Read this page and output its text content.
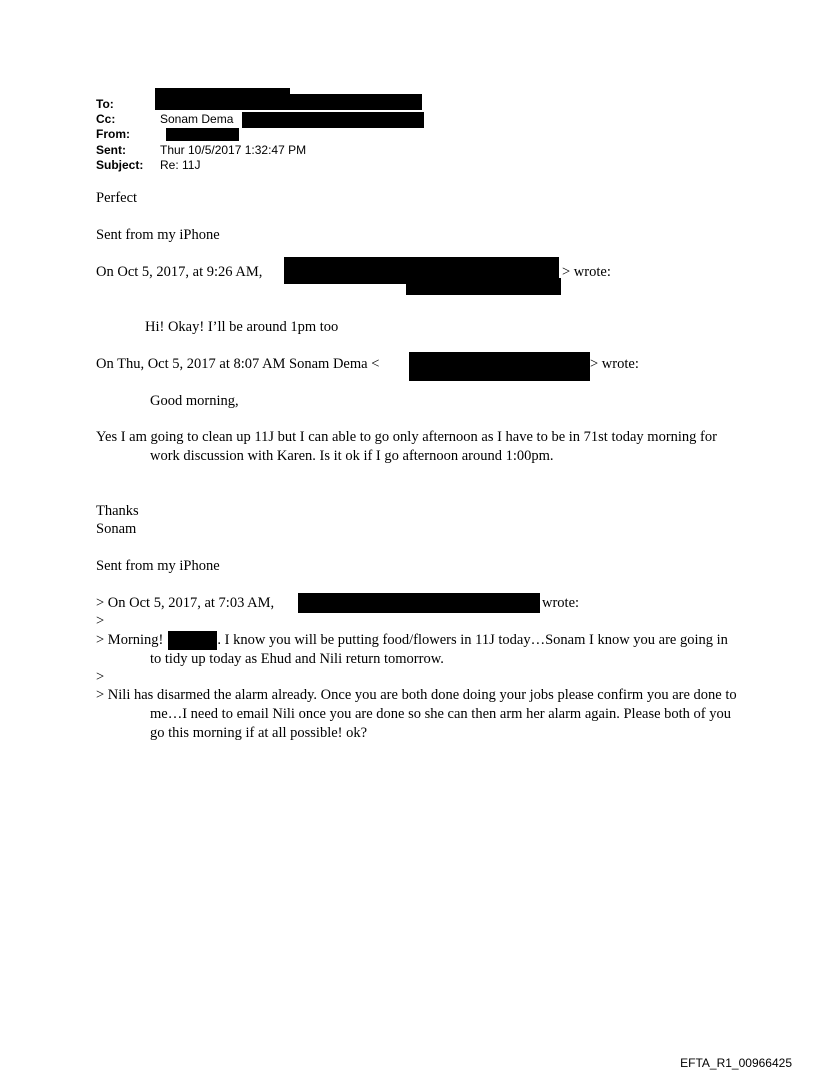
To:
Cc:	Sonam Dema
From:
Sent:	Thur 10/5/2017 1:32:47 PM
Subject: Re: 11J
Perfect
Sent from my iPhone
On Oct 5, 2017, at 9:26 AM,	> wrote:
Hi! Okay! I’ll be around 1pm too
On Thu, Oct 5, 2017 at 8:07 AM Sonam Dema <	> wrote:
Good morning,
Yes I am going to clean up 11J but I can able to go only afternoon as I have to be in 71st today morning for work discussion with Karen. Is it ok if I go afternoon around 1:00pm.
Thanks
Sonam
Sent from my iPhone
> On Oct 5, 2017, at 7:03 AM,	wrote:
>
> Morning!	. I know you will be putting food/flowers in 11J today…Sonam I know you are going in to tidy up today as Ehud and Nili return tomorrow.
>
> Nili has disarmed the alarm already. Once you are both done doing your jobs please confirm you are done to me…I need to email Nili once you are done so she can then arm her alarm again. Please both of you go this morning if at all possible! ok?
EFTA_R1_00966425
